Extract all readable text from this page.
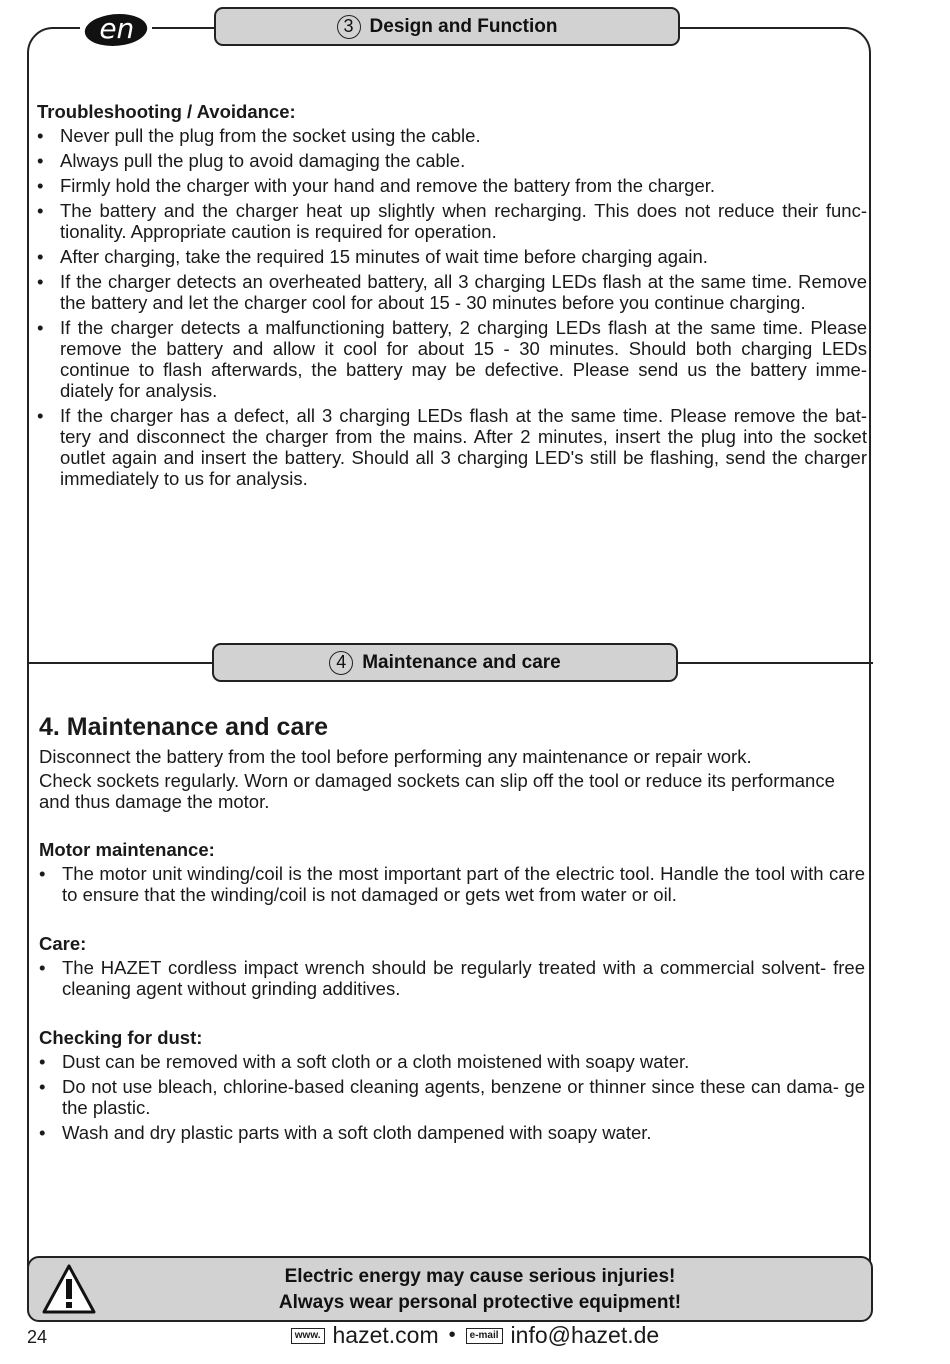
en	3 Design and Function
Troubleshooting / Avoidance:
• Never pull the plug from the socket using the cable.
• Always pull the plug to avoid damaging the cable.
• Firmly hold the charger with your hand and remove the battery from the charger.
• The battery and the charger heat up slightly when recharging. This does not reduce their func- tionality. Appropriate caution is required for operation.
• After charging, take the required 15 minutes of wait time before charging again.
• If the charger detects an overheated battery, all 3 charging LEDs flash at the same time. Remove the battery and let the charger cool for about 15 - 30 minutes before you continue charging.
• If the charger detects a malfunctioning battery, 2 charging LEDs flash at the same time. Please remove the battery and allow it cool for about 15 - 30 minutes. Should both charging LEDs continue to flash afterwards, the battery may be defective. Please send us the battery imme- diately for analysis.
• If the charger has a defect, all 3 charging LEDs flash at the same time. Please remove the bat- tery and disconnect the charger from the mains. After 2 minutes, insert the plug into the socket outlet again and insert the battery. Should all 3 charging LED's still be flashing, send the charger immediately to us for analysis.
4 Maintenance and care
4. Maintenance and care
Disconnect the battery from the tool before performing any maintenance or repair work.
Check sockets regularly. Worn or damaged sockets can slip off the tool or reduce its performance and thus damage the motor.
Motor maintenance:
• The motor unit winding/coil is the most important part of the electric tool. Handle the tool with care to ensure that the winding/coil is not damaged or gets wet from water or oil.
Care:
• The HAZET cordless impact wrench should be regularly treated with a commercial solvent- free cleaning agent without grinding additives.
Checking for dust:
• Dust can be removed with a soft cloth or a cloth moistened with soapy water.
• Do not use bleach, chlorine-based cleaning agents, benzene or thinner since these can dama- ge the plastic.
• Wash and dry plastic parts with a soft cloth dampened with soapy water.
Electric energy may cause serious injuries!
Always wear personal protective equipment!
24	www. hazet.com •	e-mail info@hazet.de
